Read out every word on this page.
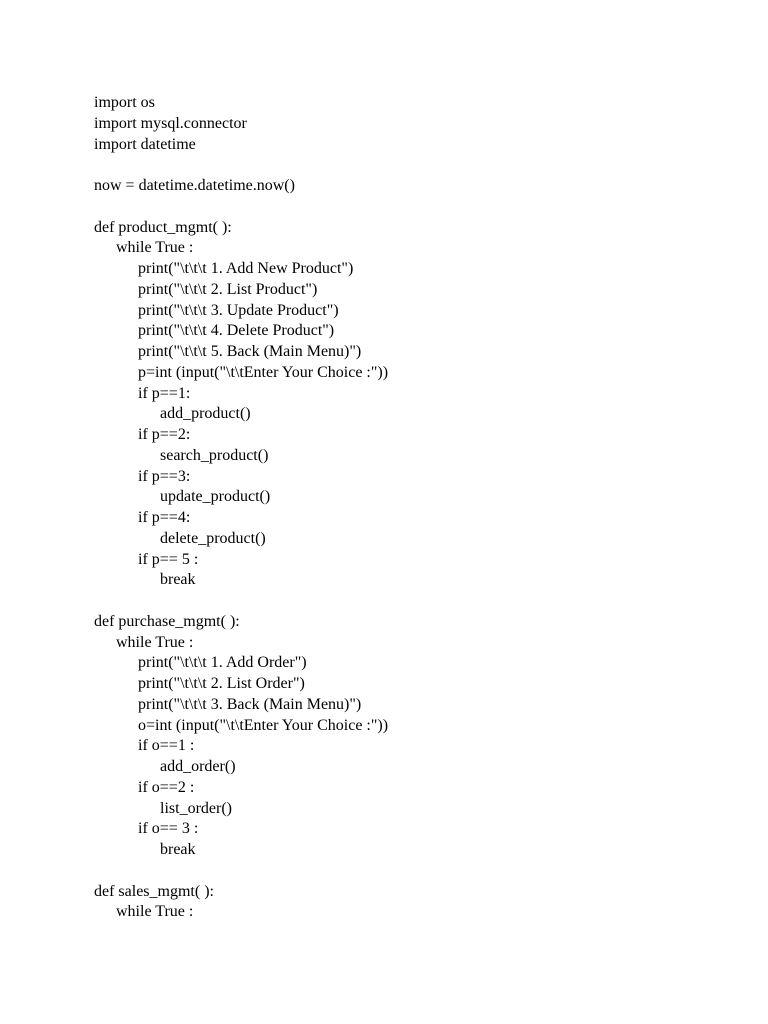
import os
import mysql.connector
import datetime
now = datetime.datetime.now()
def product_mgmt( ):
while True :
print("\t\t\t 1. Add New Product")
print("\t\t\t 2. List Product")
print("\t\t\t 3. Update Product")
print("\t\t\t 4. Delete Product")
print("\t\t\t 5. Back (Main Menu)")
p=int (input("\t\tEnter Your Choice :"))
if p==1:
add_product()
if p==2:
search_product()
if p==3:
update_product()
if p==4:
delete_product()
if p== 5 :
break
def purchase_mgmt( ):
while True :
print("\t\t\t 1. Add Order")
print("\t\t\t 2. List Order")
print("\t\t\t 3. Back (Main Menu)")
o=int (input("\t\tEnter Your Choice :"))
if o==1 :
add_order()
if o==2 :
list_order()
if o== 3 :
break
def sales_mgmt( ):
while True :
